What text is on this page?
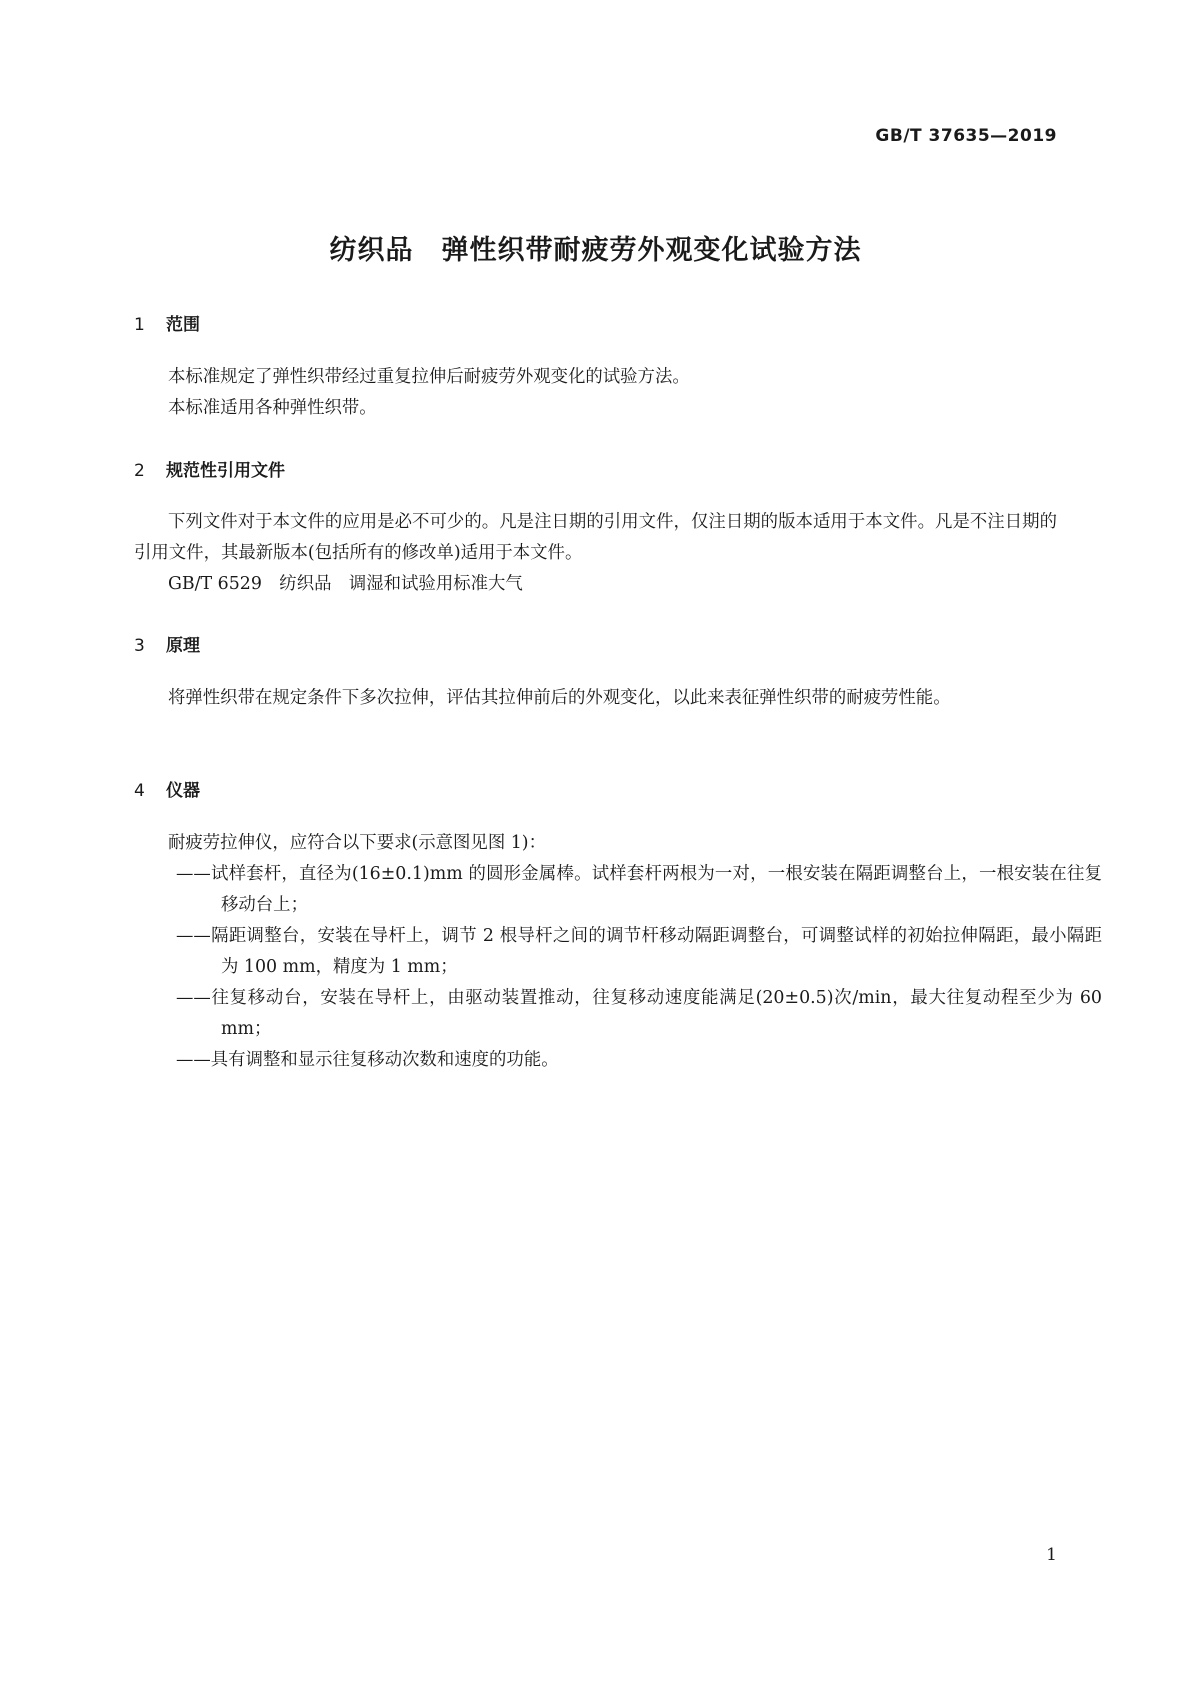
GB/T 37635—2019
纺织品　弹性织带耐疲劳外观变化试验方法
1 范围
本标准规定了弹性织带经过重复拉伸后耐疲劳外观变化的试验方法。
本标准适用各种弹性织带。
2 规范性引用文件
下列文件对于本文件的应用是必不可少的。凡是注日期的引用文件，仅注日期的版本适用于本文件。凡是不注日期的引用文件，其最新版本(包括所有的修改单)适用于本文件。
GB/T 6529　纺织品　调湿和试验用标准大气
3 原理
将弹性织带在规定条件下多次拉伸，评估其拉伸前后的外观变化，以此来表征弹性织带的耐疲劳性能。
4 仪器
耐疲劳拉伸仪，应符合以下要求(示意图见图 1)：
——试样套杆，直径为(16±0.1)mm 的圆形金属棒。试样套杆两根为一对，一根安装在隔距调整台上，一根安装在往复移动台上；
——隔距调整台，安装在导杆上，调节 2 根导杆之间的调节杆移动隔距调整台，可调整试样的初始拉伸隔距，最小隔距为 100 mm，精度为 1 mm；
——往复移动台，安装在导杆上，由驱动装置推动，往复移动速度能满足(20±0.5)次/min，最大往复动程至少为 60 mm；
——具有调整和显示往复移动次数和速度的功能。
1
